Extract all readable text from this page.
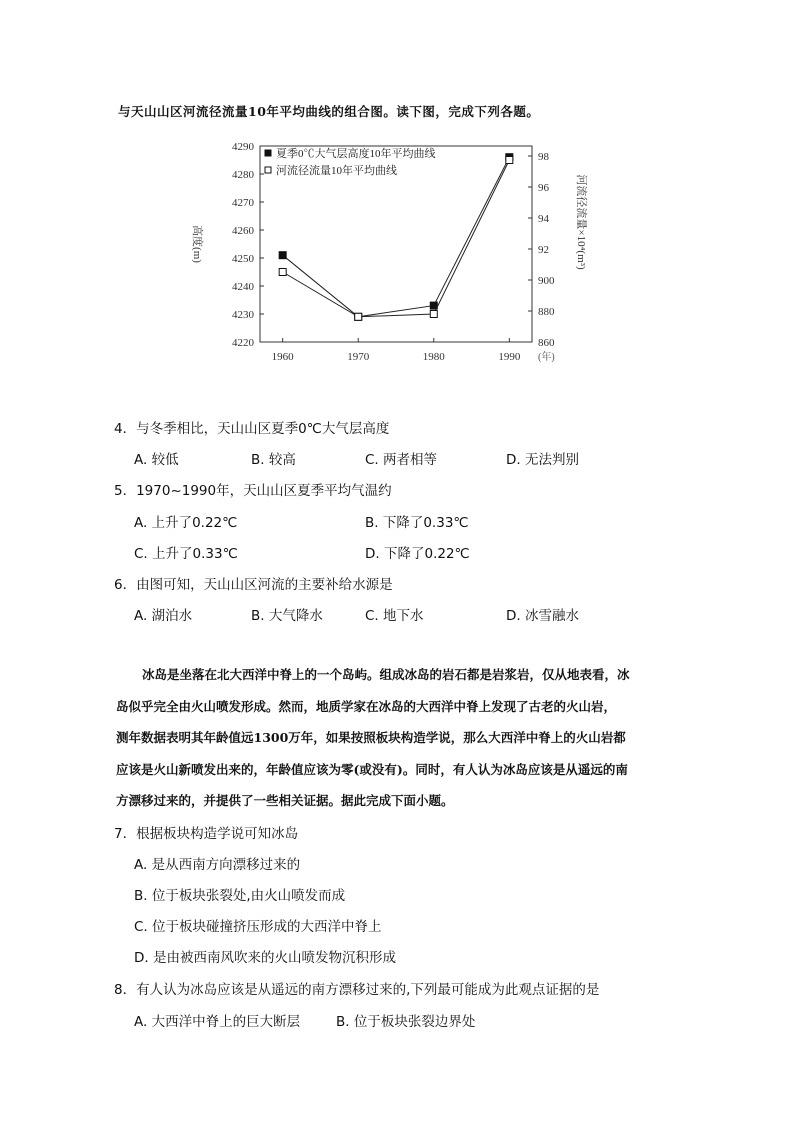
与天山山区河流径流量10年平均曲线的组合图。读下图，完成下列各题。
4220
4230
4240
4250
4260
4270
4280
4290
860
880
900
92
94
96
98
1960	1970	1980	1990 (年)
高度(m)	河流径流量×10⁴(m³)
夏季0℃大气层高度10年平均曲线
河流径流量10年平均曲线
4．与冬季相比，天山山区夏季0℃大气层高度
A. 较低	B. 较高	C. 两者相等	D. 无法判别
5．1970~1990年，天山山区夏季平均气温约
A. 上升了0.22℃	B. 下降了0.33℃
C. 上升了0.33℃	D. 下降了0.22℃
6．由图可知，天山山区河流的主要补给水源是
A. 湖泊水	B. 大气降水	C. 地下水	D. 冰雪融水

冰岛是坐落在北大西洋中脊上的一个岛屿。组成冰岛的岩石都是岩浆岩，仅从地表看，冰

岛似乎完全由火山喷发形成。然而，地质学家在冰岛的大西洋中脊上发现了古老的火山岩，

测年数据表明其年龄值远1300万年，如果按照板块构造学说，那么大西洋中脊上的火山岩都

应该是火山新喷发出来的，年龄值应该为零(或没有)。同时，有人认为冰岛应该是从遥远的南

方漂移过来的，并提供了一些相关证据。据此完成下面小题。

7．根据板块构造学说可知冰岛
A. 是从西南方向漂移过来的
B. 位于板块张裂处,由火山喷发而成
C. 位于板块碰撞挤压形成的大西洋中脊上
D. 是由被西南风吹来的火山喷发物沉积形成
8．有人认为冰岛应该是从遥远的南方漂移过来的,下列最可能成为此观点证据的是
A. 大西洋中脊上的巨大断层	B. 位于板块张裂边界处
